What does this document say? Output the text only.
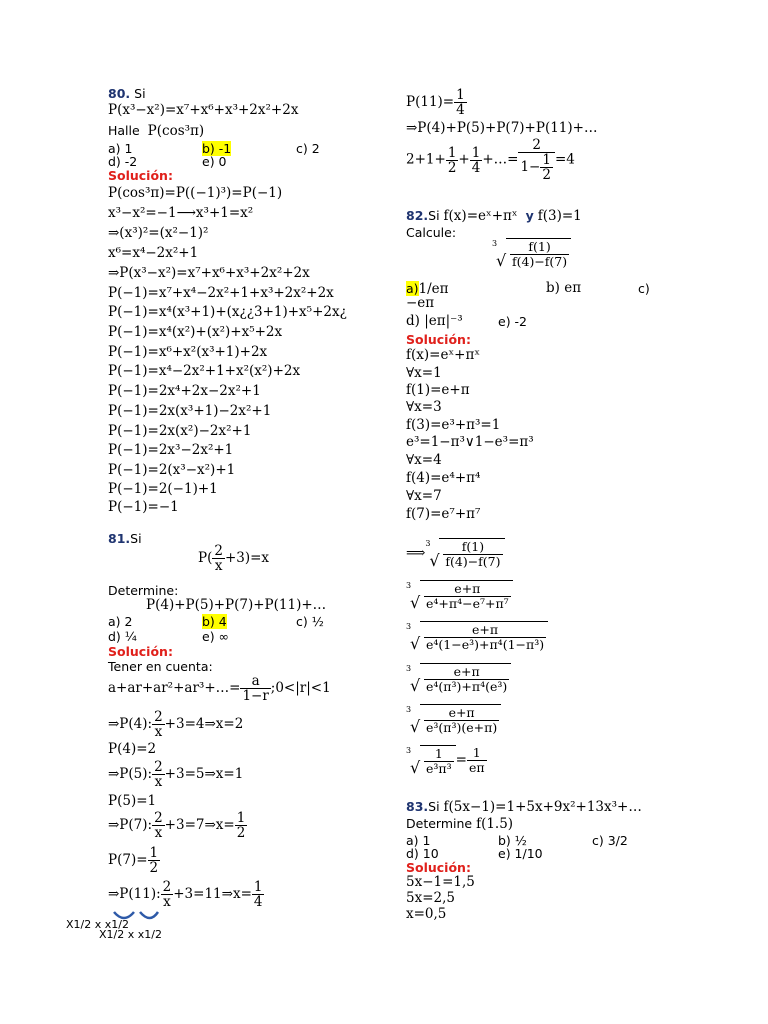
80. Si
P(x³−x²)=x⁷+x⁶+x³+2x²+2x
Halle P(cos³π)
a) 1	b) -1	c) 2
d) -2	e) 0
Solución:
P(cos³π)=P((−1)³)=P(−1)
x³−x²=−1⟶x³+1=x²
⇒(x³)²=(x²−1)²
x⁶=x⁴−2x²+1
⇒P(x³−x²)=x⁷+x⁶+x³+2x²+2x
P(−1)=x⁷+x⁴−2x²+1+x³+2x²+2x
P(−1)=x⁴(x³+1)+(x¿¿3+1)+x⁵+2x¿
P(−1)=x⁴(x²)+(x²)+x⁵+2x
P(−1)=x⁶+x²(x³+1)+2x
P(−1)=x⁴−2x²+1+x²(x²)+2x
P(−1)=2x⁴+2x−2x²+1
P(−1)=2x(x³+1)−2x²+1
P(−1)=2x(x²)−2x²+1
P(−1)=2x³−2x²+1
P(−1)=2(x³−x²)+1
P(−1)=2(−1)+1
P(−1)=−1
81.Si
$P( \frac{2}{x} +3)=x$
Determine:
P(4)+P(5)+P(7)+P(11)+…
a) 2	b) 4	c) ½
d) ¼	e) ∞
Solución:
Tener en cuenta:
a+ar+ar²+ar³+…= $\frac{a}{1-r}$ ;0<|r|<1
⇒P(4): $\frac{2}{x}$ +3=4⇒x=2
P(4)=2
⇒P(5): $\frac{2}{x}$ +3=5⇒x=1
P(5)=1
⇒P(7): $\frac{2}{x}$ +3=7⇒x= $\frac{1}{2}$
$P(7)= \frac{1}{2}$
⇒P(11): $\frac{2}{x}$ +3=11⇒x= $\frac{1}{4}$
X1/2 x x1/2
X1/2 x x1/2
$P(11)= \frac{1}{4}$
⇒P(4)+P(5)+P(7)+P(11)+…
$2+1+ \frac{1}{2} + \frac{1}{4}$ +…= $\frac{2}{1- \frac{1}{2}} =4$
82.Si f(x)=eˣ+πˣ y f(3)=1
Calcule:
3
√ $\frac{f(1)}{f(4)-f(7)}$
a)1/eπ	b) eπ	c)
−eπ
d) |eπ|⁻³	e) -2
Solución:
f(x)=eˣ+πˣ
∀x=1
f(1)=e+π
∀x=3
f(3)=e³+π³=1
e³=1−π³∨1−e³=π³
∀x=4
f(4)=e⁴+π⁴
∀x=7
f(7)=e⁷+π⁷
⟹
3
√ $\frac{f(1)}{f(4)-f(7)}$
3
√ $\frac{e+\pi}{\text{e⁴+π⁴−e⁷+π⁷}}$
3
√ $\frac{e+\pi}{\text{e⁴(1−e³)+π⁴(1−π³)}}$
3
√ $\frac{e+\pi}{\text{e⁴(π³)+π⁴(e³)}}$
3
√ $\frac{e+\pi}{\text{e³(π³)(e+π)}}$
3
√ $\frac{1}{\text{e³π³}} = \frac{1}{e\pi}$
83.Si f(5x−1)=1+5x+9x²+13x³+…
Determine f(1.5)
a) 1	b) ½	c) 3/2
d) 10	e) 1/10
Solución:
5x−1=1,5
5x=2,5
x=0,5
